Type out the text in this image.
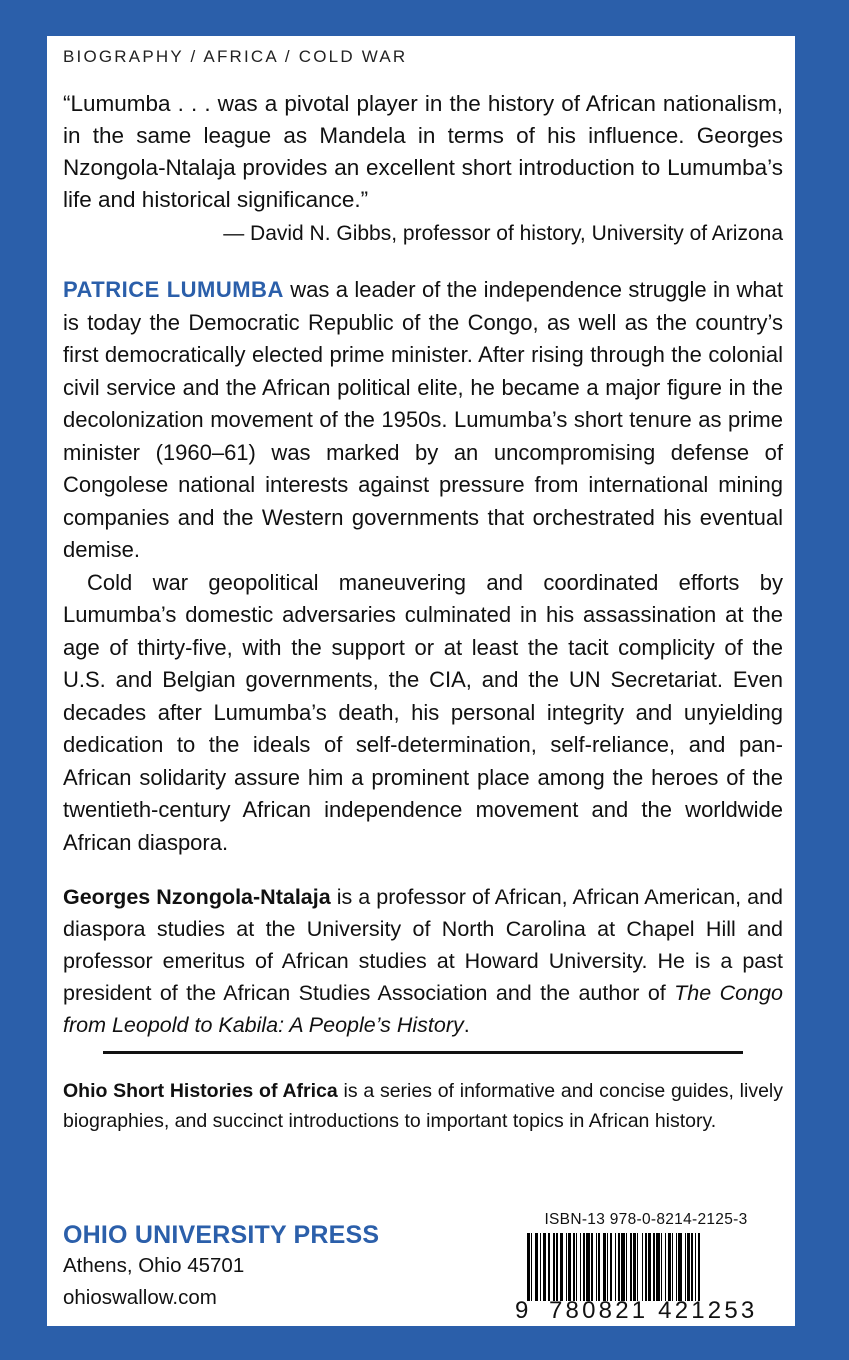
BIOGRAPHY / AFRICA / COLD WAR
“Lumumba . . . was a pivotal player in the history of African nationalism, in the same league as Mandela in terms of his influence. Georges Nzongola-Ntalaja provides an excellent short introduction to Lumumba’s life and historical significance.”
— David N. Gibbs, professor of history, University of Arizona
PATRICE LUMUMBA was a leader of the independence struggle in what is today the Democratic Republic of the Congo, as well as the country’s first democratically elected prime minister. After rising through the colonial civil service and the African political elite, he became a major figure in the decolonization movement of the 1950s. Lumumba’s short tenure as prime minister (1960–61) was marked by an uncompromising defense of Congolese national interests against pressure from international mining companies and the Western governments that orchestrated his eventual demise.
Cold war geopolitical maneuvering and coordinated efforts by Lumumba’s domestic adversaries culminated in his assassination at the age of thirty-five, with the support or at least the tacit complicity of the U.S. and Belgian governments, the CIA, and the UN Secretariat. Even decades after Lumumba’s death, his personal integrity and unyielding dedication to the ideals of self-determination, self-reliance, and pan-African solidarity assure him a prominent place among the heroes of the twentieth-century African independence movement and the worldwide African diaspora.
Georges Nzongola-Ntalaja is a professor of African, African American, and diaspora studies at the University of North Carolina at Chapel Hill and professor emeritus of African studies at Howard University. He is a past president of the African Studies Association and the author of The Congo from Leopold to Kabila: A People’s History.
Ohio Short Histories of Africa is a series of informative and concise guides, lively biographies, and succinct introductions to important topics in African history.
OHIO UNIVERSITY PRESS
Athens, Ohio 45701
ohioswallow.com
ISBN-13 978-0-8214-2125-3
9 780821 421253
